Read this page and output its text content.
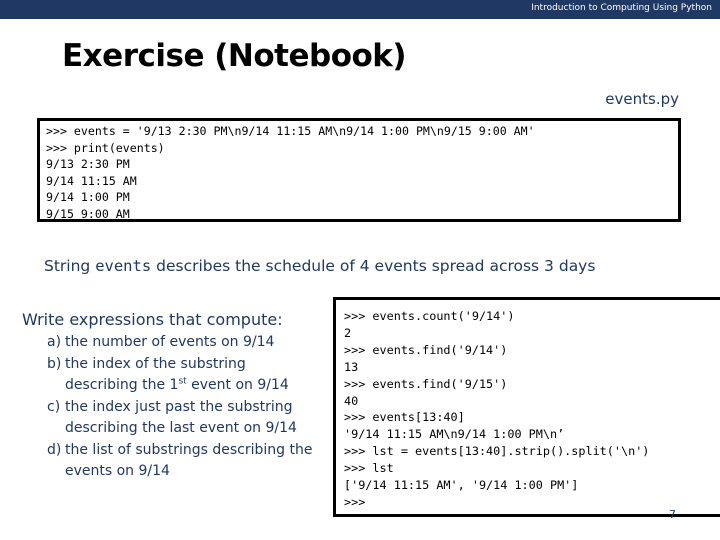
Introduction to Computing Using Python
Exercise (Notebook)
events.py
>>> events = '9/13 2:30 PM\n9/14 11:15 AM\n9/14 1:00 PM\n9/15 9:00 AM'
>>> print(events)
9/13 2:30 PM
9/14 11:15 AM
9/14 1:00 PM
9/15 9:00 AM
String events describes the schedule of 4 events spread across 3 days
Write expressions that compute:
a) the number of events on 9/14
b) the index of the substring describing the 1st event on 9/14
c) the index just past the substring describing the last event on 9/14
d) the list of substrings describing the events on 9/14
>>> events.count('9/14')
2
>>> events.find('9/14')
13
>>> events.find('9/15')
40
>>> events[13:40]
'9/14 11:15 AM\n9/14 1:00 PM\n’
>>> lst = events[13:40].strip().split('\n')
>>> lst
['9/14 11:15 AM', '9/14 1:00 PM']
>>>
7
